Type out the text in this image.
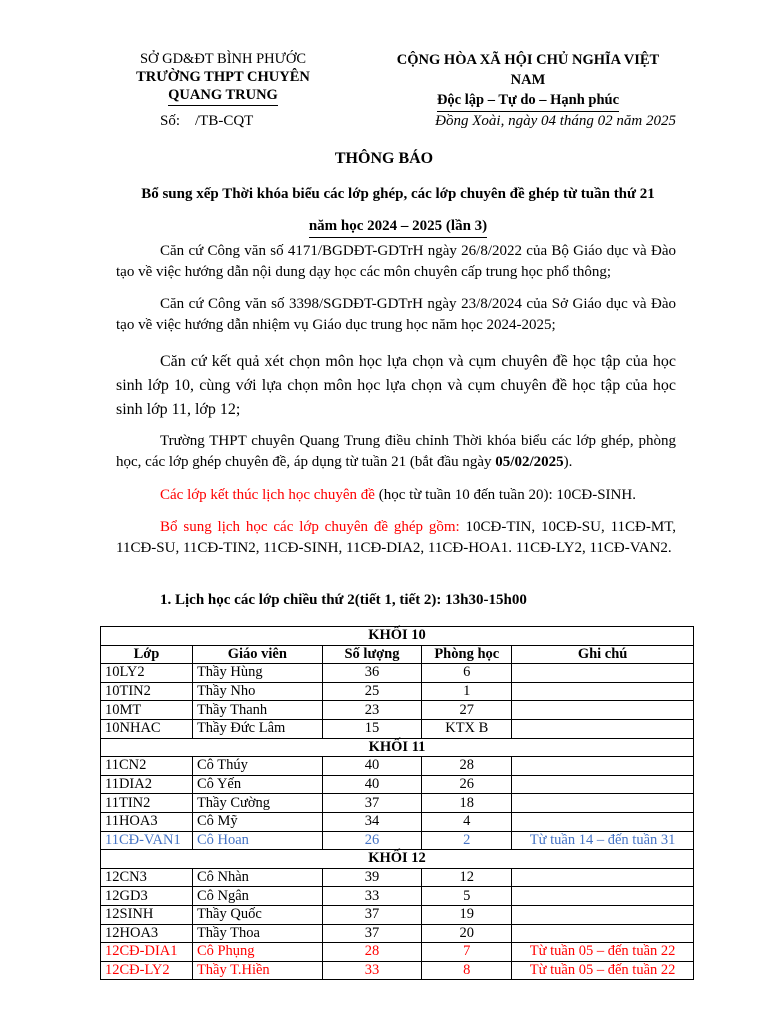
SỞ GD&ĐT BÌNH PHƯỚC
TRƯỜNG THPT CHUYÊN
QUANG TRUNG
CỘNG HÒA XÃ HỘI CHỦ NGHĨA VIỆT NAM
Độc lập – Tự do – Hạnh phúc
Số:    /TB-CQT	Đồng Xoài, ngày 04 tháng 02 năm 2025
THÔNG BÁO
Bổ sung xếp Thời khóa biểu các lớp ghép, các lớp chuyên đề ghép từ tuần thứ 21
năm học 2024 – 2025 (lần 3)
Căn cứ Công văn số 4171/BGDĐT-GDTrH ngày 26/8/2022 của Bộ Giáo dục và Đào tạo về việc hướng dẫn nội dung dạy học các môn chuyên cấp trung học phổ thông;
Căn cứ Công văn số 3398/SGDĐT-GDTrH ngày 23/8/2024 của Sở Giáo dục và Đào tạo về việc hướng dẫn nhiệm vụ Giáo dục trung học năm học 2024-2025;
Căn cứ kết quả xét chọn môn học lựa chọn và cụm chuyên đề học tập của học sinh lớp 10, cùng với lựa chọn môn học lựa chọn và cụm chuyên đề học tập của học sinh lớp 11, lớp 12;
Trường THPT chuyên Quang Trung điều chỉnh Thời khóa biểu các lớp ghép, phòng học, các lớp ghép chuyên đề, áp dụng từ tuần 21 (bắt đầu ngày 05/02/2025).
Các lớp kết thúc lịch học chuyên đề (học từ tuần 10 đến tuần 20): 10CĐ-SINH.
Bổ sung lịch học các lớp chuyên đề ghép gồm: 10CĐ-TIN, 10CĐ-SU, 11CĐ-MT, 11CĐ-SU, 11CĐ-TIN2, 11CĐ-SINH, 11CĐ-DIA2, 11CĐ-HOA1. 11CĐ-LY2, 11CĐ-VAN2.
1. Lịch học các lớp chiều thứ 2(tiết 1, tiết 2): 13h30-15h00
KHỐI 10				
Lớp	Giáo viên	Số lượng	Phòng học	Ghi chú
10LY2	Thầy Hùng	36	6	
10TIN2	Thầy Nho	25	1	
10MT	Thầy Thanh	23	27	
10NHAC	Thầy Đức Lâm	15	KTX B	
KHỐI 11				
11CN2	Cô Thúy	40	28	
11DIA2	Cô Yến	40	26	
11TIN2	Thầy Cường	37	18	
11HOA3	Cô Mỹ	34	4	
11CĐ-VAN1	Cô Hoan	26	2	Từ tuần 14 – đến tuần 31
KHỐI 12				
12CN3	Cô Nhàn	39	12	
12GD3	Cô Ngân	33	5	
12SINH	Thầy Quốc	37	19	
12HOA3	Thầy Thoa	37	20	
12CĐ-DIA1	Cô Phụng	28	7	Từ tuần 05 – đến tuần 22
12CĐ-LY2	Thầy T.Hiền	33	8	Từ tuần 05 – đến tuần 22
